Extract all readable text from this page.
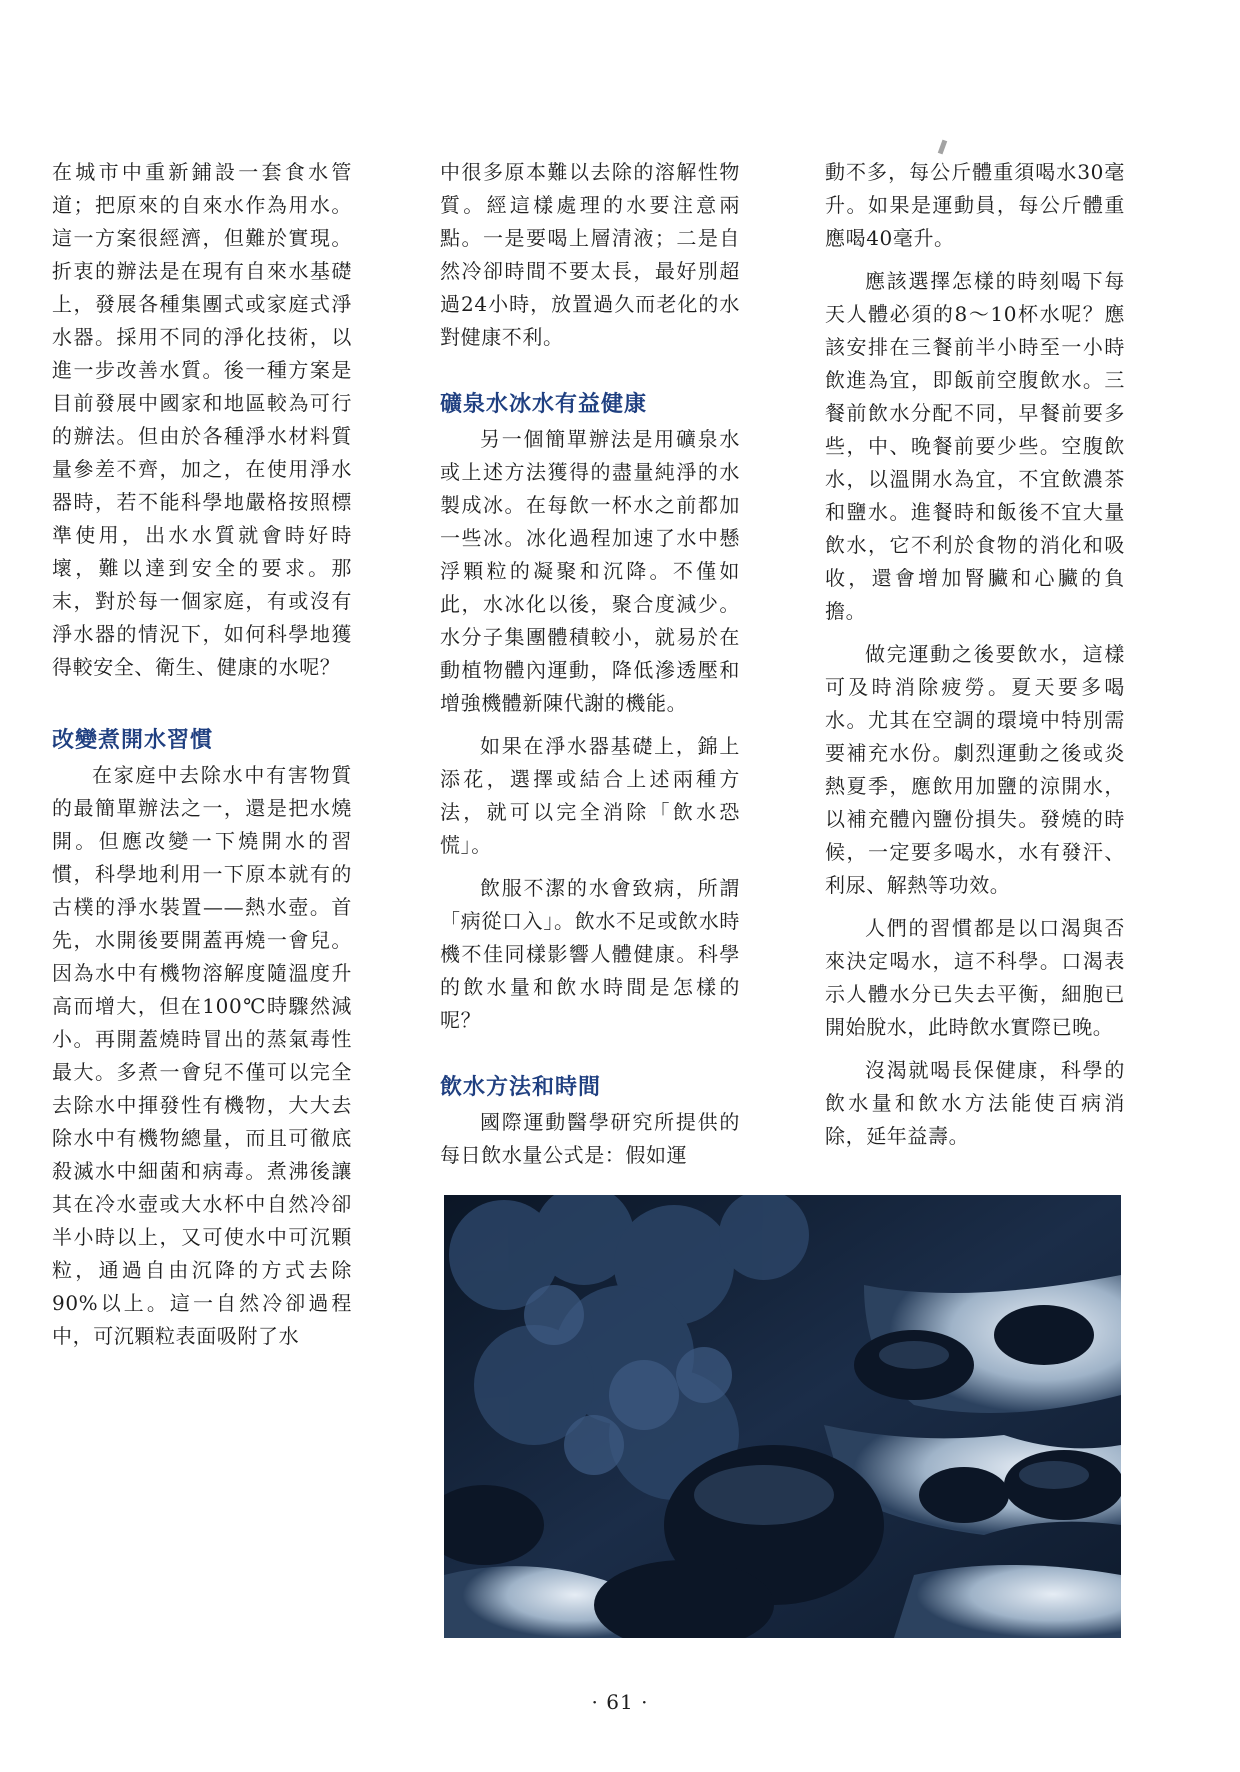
在城市中重新鋪設一套食水管道；把原來的自來水作為用水。這一方案很經濟，但難於實現。折衷的辦法是在現有自來水基礎上，發展各種集團式或家庭式淨水器。採用不同的淨化技術，以進一步改善水質。後一種方案是目前發展中國家和地區較為可行的辦法。但由於各種淨水材料質量參差不齊，加之，在使用淨水器時，若不能科學地嚴格按照標準使用，出水水質就會時好時壞，難以達到安全的要求。那末，對於每一個家庭，有或沒有淨水器的情況下，如何科學地獲得較安全、衛生、健康的水呢？

改變煮開水習慣

在家庭中去除水中有害物質的最簡單辦法之一，還是把水燒開。但應改變一下燒開水的習慣，科學地利用一下原本就有的古樸的淨水裝置——熱水壺。首先，水開後要開蓋再燒一會兒。因為水中有機物溶解度隨溫度升高而增大，但在100℃時驟然減小。再開蓋燒時冒出的蒸氣毒性最大。多煮一會兒不僅可以完全去除水中揮發性有機物，大大去除水中有機物總量，而且可徹底殺滅水中細菌和病毒。煮沸後讓其在冷水壺或大水杯中自然冷卻半小時以上，又可使水中可沉顆粒，通過自由沉降的方式去除90%以上。這一自然冷卻過程中，可沉顆粒表面吸附了水

中很多原本難以去除的溶解性物質。經這樣處理的水要注意兩點。一是要喝上層清液；二是自然冷卻時間不要太長，最好別超過24小時，放置過久而老化的水對健康不利。

礦泉水冰水有益健康

另一個簡單辦法是用礦泉水或上述方法獲得的盡量純淨的水製成冰。在每飲一杯水之前都加一些冰。冰化過程加速了水中懸浮顆粒的凝聚和沉降。不僅如此，水冰化以後，聚合度減少。水分子集團體積較小，就易於在動植物體內運動，降低滲透壓和增強機體新陳代謝的機能。

如果在淨水器基礎上，錦上添花，選擇或結合上述兩種方法，就可以完全消除「飲水恐慌」。

飲服不潔的水會致病，所謂「病從口入」。飲水不足或飲水時機不佳同樣影響人體健康。科學的飲水量和飲水時間是怎樣的呢？

飲水方法和時間

國際運動醫學研究所提供的每日飲水量公式是：假如運

動不多，每公斤體重須喝水30毫升。如果是運動員，每公斤體重應喝40毫升。

應該選擇怎樣的時刻喝下每天人體必須的8～10杯水呢？應該安排在三餐前半小時至一小時飲進為宜，即飯前空腹飲水。三餐前飲水分配不同，早餐前要多些，中、晚餐前要少些。空腹飲水，以溫開水為宜，不宜飲濃茶和鹽水。進餐時和飯後不宜大量飲水，它不利於食物的消化和吸收，還會增加腎臟和心臟的負擔。

做完運動之後要飲水，這樣可及時消除疲勞。夏天要多喝水。尤其在空調的環境中特別需要補充水份。劇烈運動之後或炎熱夏季，應飲用加鹽的涼開水，以補充體內鹽份損失。發燒的時候，一定要多喝水，水有發汗、利尿、解熱等功效。

人們的習慣都是以口渴與否來決定喝水，這不科學。口渴表示人體水分已失去平衡，細胞已開始脫水，此時飲水實際已晚。

沒渴就喝長保健康，科學的飲水量和飲水方法能使百病消除，延年益壽。

· 61 ·
